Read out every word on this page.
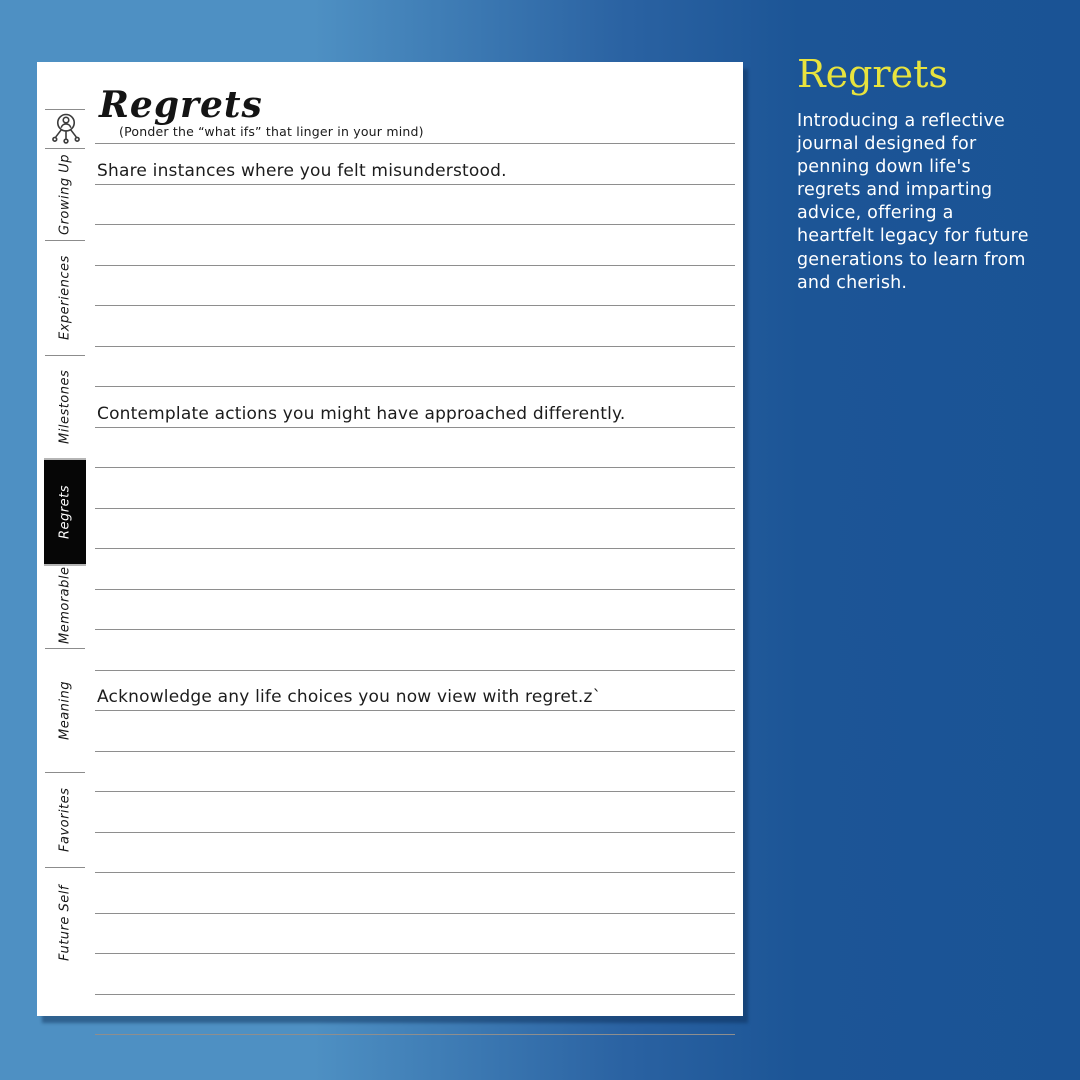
Growing Up
Experiences
Milestones
Regrets
Memorable
Meaning
Favorites
Future Self
Regrets
(Ponder the “what ifs” that linger in your mind)
Share instances where you felt misunderstood.
Contemplate actions you might have approached differently.
Acknowledge any life choices you now view with regret.z`
Regrets

Introducing a reflective journal designed for penning down life's regrets and imparting advice, offering a heartfelt legacy for future generations to learn from and cherish.
